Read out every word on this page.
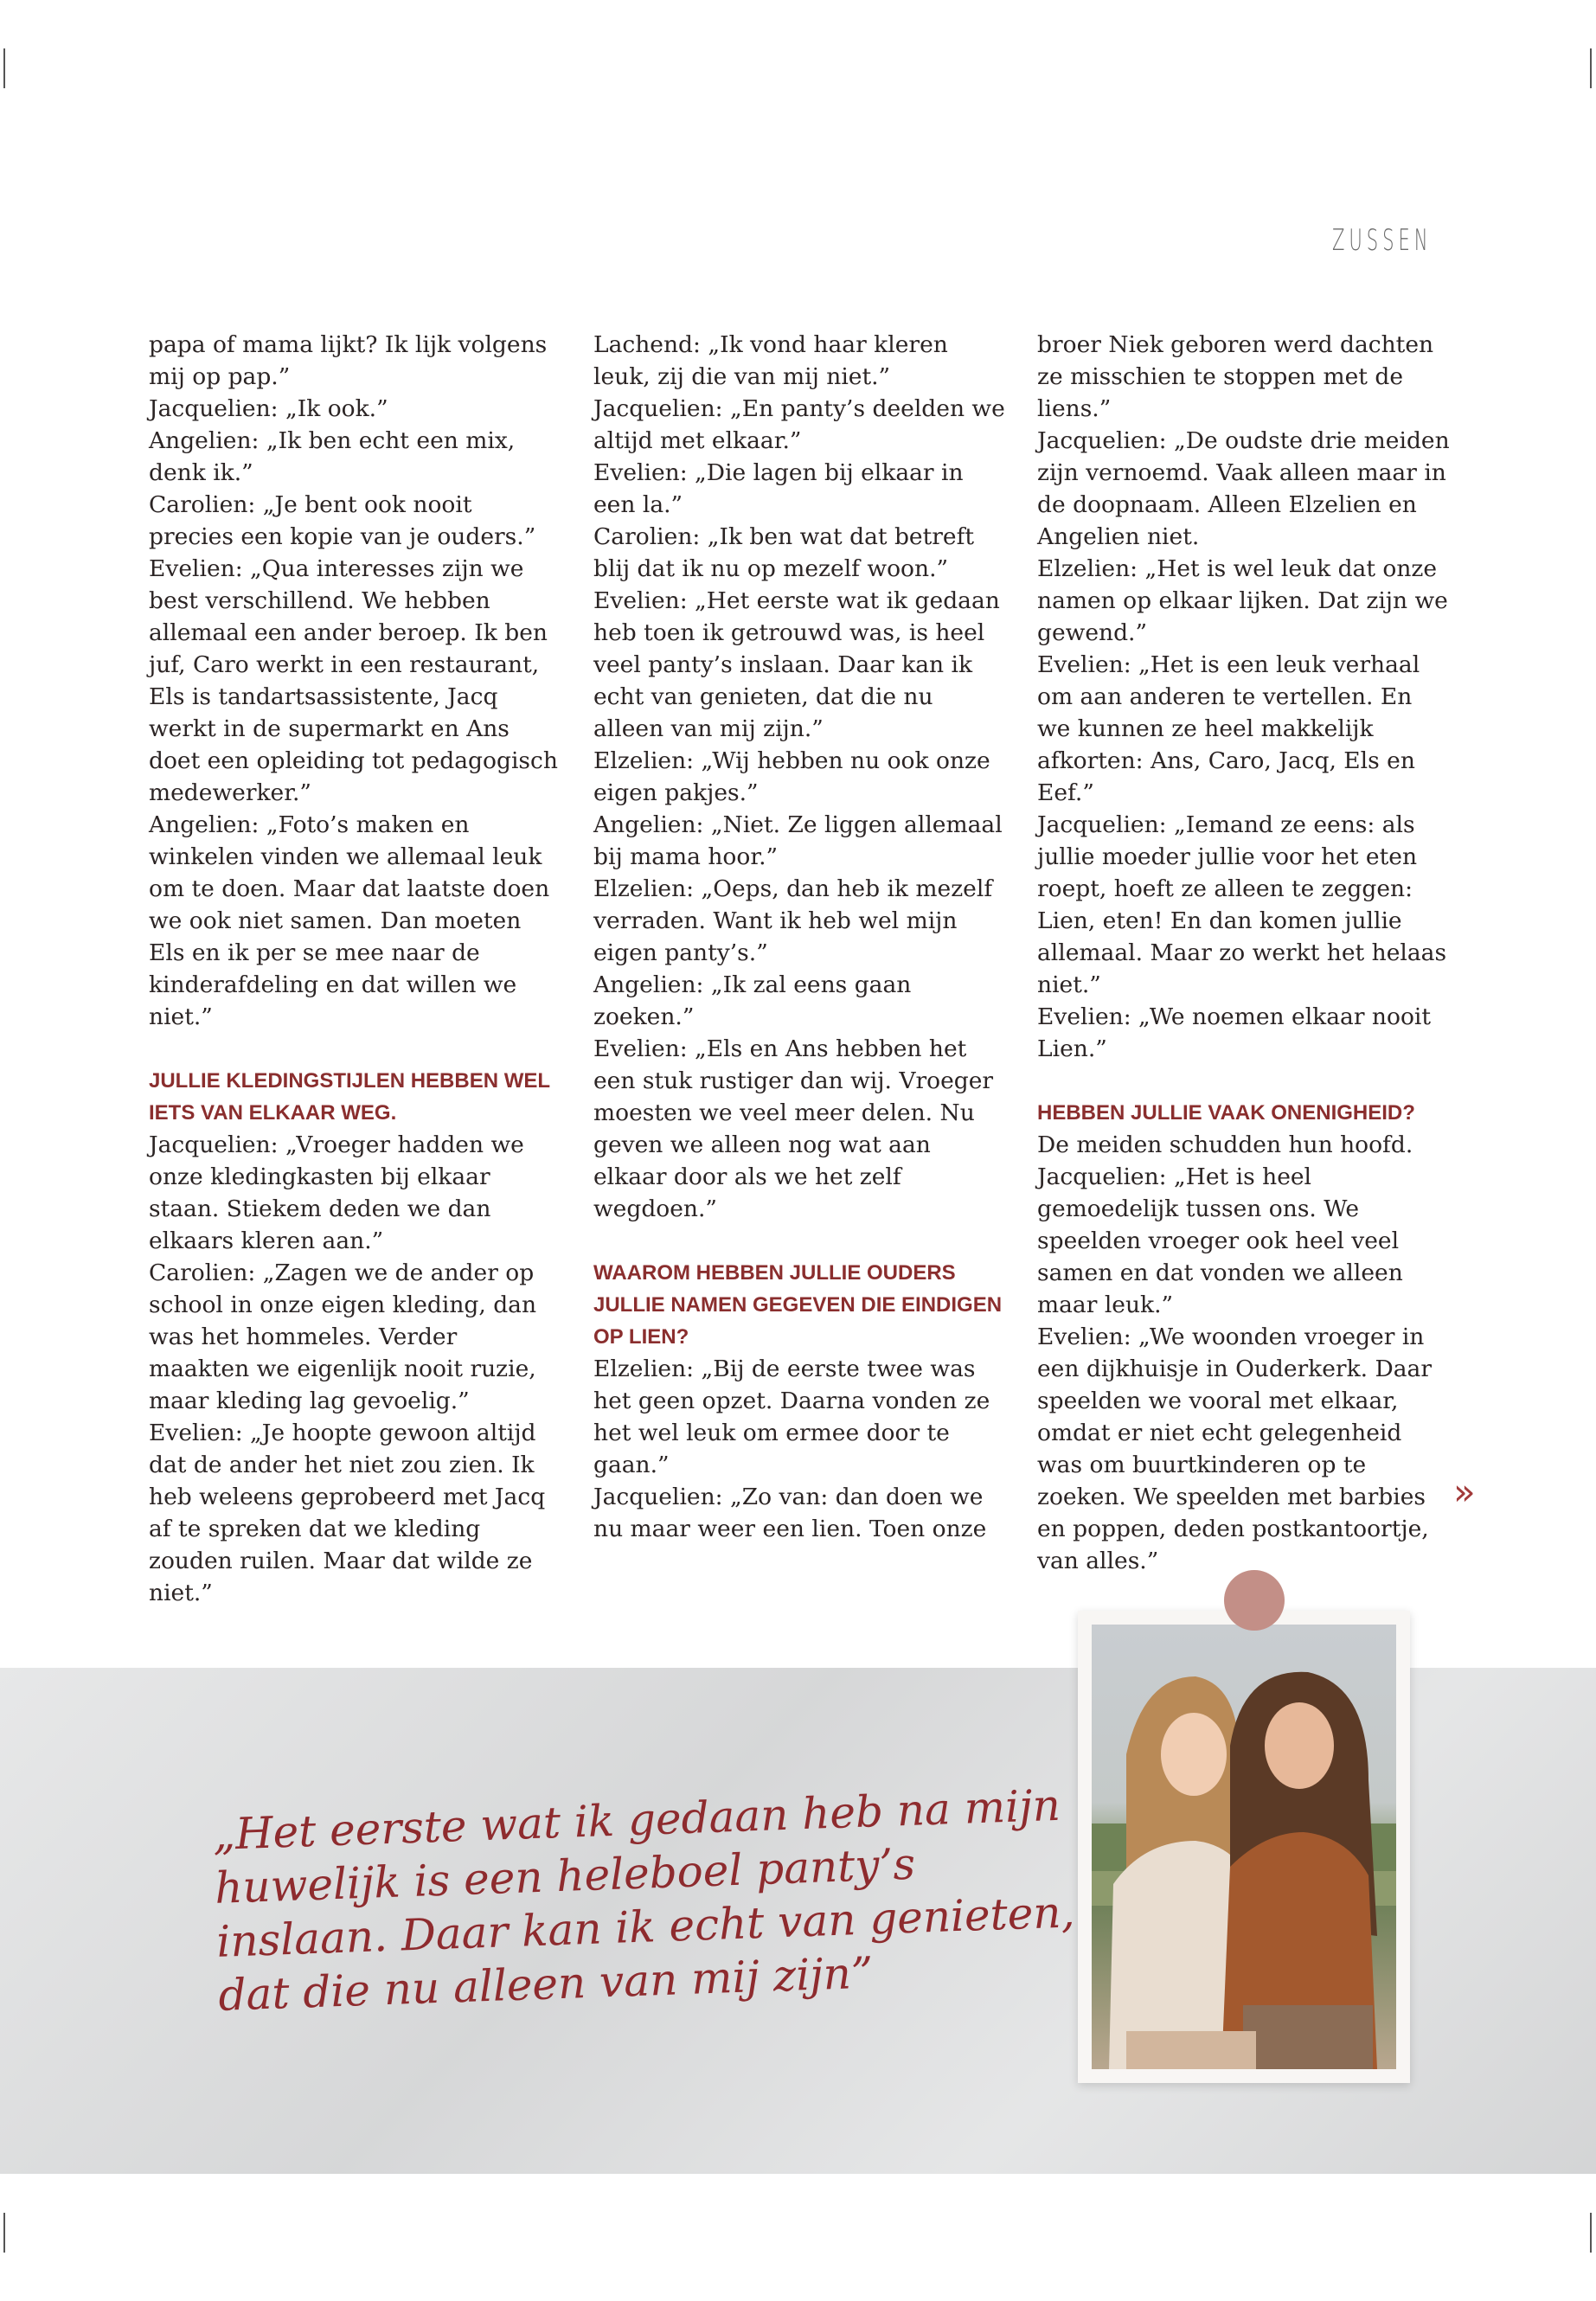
ZUSSEN

papa of mama lijkt? Ik lijk volgens mij op pap.”

Jacquelien: „Ik ook.”

Angelien: „Ik ben echt een mix, denk ik.”

Carolien: „Je bent ook nooit precies een kopie van je ouders.”

Evelien: „Qua interesses zijn we best verschillend. We hebben allemaal een ander beroep. Ik ben juf, Caro werkt in een restaurant, Els is tandartsassistente, Jacq werkt in de supermarkt en Ans doet een opleiding tot pedagogisch medewerker.”

Angelien: „Foto’s maken en winkelen vinden we allemaal leuk om te doen. Maar dat laatste doen we ook niet samen. Dan moeten Els en ik per se mee naar de kinderafdeling en dat willen we niet.”

JULLIE KLEDINGSTIJLEN HEBBEN WEL IETS VAN ELKAAR WEG.

Jacquelien: „Vroeger hadden we onze kledingkasten bij elkaar staan. Stiekem deden we dan elkaars kleren aan.”

Carolien: „Zagen we de ander op school in onze eigen kleding, dan was het hommeles. Verder maakten we eigenlijk nooit ruzie, maar kleding lag gevoelig.”

Evelien: „Je hoopte gewoon altijd dat de ander het niet zou zien. Ik heb weleens geprobeerd met Jacq af te spreken dat we kleding zouden ruilen. Maar dat wilde ze niet.”

Lachend: „Ik vond haar kleren leuk, zij die van mij niet.”

Jacquelien: „En panty’s deelden we altijd met elkaar.”

Evelien: „Die lagen bij elkaar in een la.”

Carolien: „Ik ben wat dat betreft blij dat ik nu op mezelf woon.”

Evelien: „Het eerste wat ik gedaan heb toen ik getrouwd was, is heel veel panty’s inslaan. Daar kan ik echt van genieten, dat die nu alleen van mij zijn.”

Elzelien: „Wij hebben nu ook onze eigen pakjes.”

Angelien: „Niet. Ze liggen allemaal bij mama hoor.”

Elzelien: „Oeps, dan heb ik mezelf verraden. Want ik heb wel mijn eigen panty’s.”

Angelien: „Ik zal eens gaan zoeken.”

Evelien: „Els en Ans hebben het een stuk rustiger dan wij. Vroeger moesten we veel meer delen. Nu geven we alleen nog wat aan elkaar door als we het zelf wegdoen.”

WAAROM HEBBEN JULLIE OUDERS JULLIE NAMEN GEGEVEN DIE EINDIGEN OP LIEN?

Elzelien: „Bij de eerste twee was het geen opzet. Daarna vonden ze het wel leuk om ermee door te gaan.”

Jacquelien: „Zo van: dan doen we nu maar weer een lien. Toen onze

broer Niek geboren werd dachten ze misschien te stoppen met de liens.”

Jacquelien: „De oudste drie meiden zijn vernoemd. Vaak alleen maar in de doopnaam. Alleen Elzelien en Angelien niet.

Elzelien: „Het is wel leuk dat onze namen op elkaar lijken. Dat zijn we gewend.”

Evelien: „Het is een leuk verhaal om aan anderen te vertellen. En we kunnen ze heel makkelijk afkorten: Ans, Caro, Jacq, Els en Eef.”

Jacquelien: „Iemand ze eens: als jullie moeder jullie voor het eten roept, hoeft ze alleen te zeggen: Lien, eten! En dan komen jullie allemaal. Maar zo werkt het helaas niet.”

Evelien: „We noemen elkaar nooit Lien.”

HEBBEN JULLIE VAAK ONENIGHEID?

De meiden schudden hun hoofd.

Jacquelien: „Het is heel gemoedelijk tussen ons. We speelden vroeger ook heel veel samen en dat vonden we alleen maar leuk.”

Evelien: „We woonden vroeger in een dijkhuisje in Ouderkerk. Daar speelden we vooral met elkaar, omdat er niet echt gelegenheid was om buurtkinderen op te zoeken. We speelden met barbies en poppen, deden postkantoortje, van alles.”

»
„Het eerste wat ik gedaan heb na mijn huwelijk is een heleboel panty’s inslaan. Daar kan ik echt van genieten, dat die nu alleen van mij zijn”
